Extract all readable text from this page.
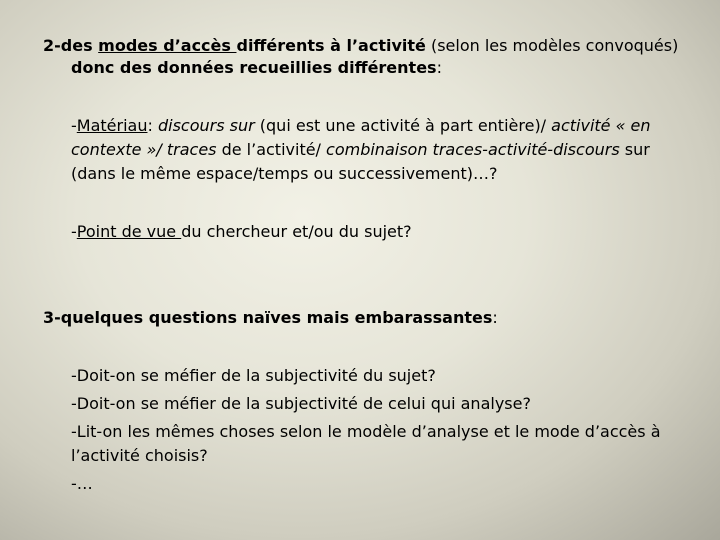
2-des modes d’accès différents à l’activité (selon les modèles convoqués)
donc des données recueillies différentes:
-Matériau: discours sur (qui est une activité à part entière)/ activité « en
contexte »/ traces de l’activité/ combinaison traces-activité-discours sur
(dans le même espace/temps ou successivement)…?
-Point de vue du chercheur et/ou du sujet?
3-quelques questions naïves mais embarassantes:
-Doit-on se méfier de la subjectivité du sujet?
-Doit-on se méfier de la subjectivité de celui qui analyse?
-Lit-on les mêmes choses selon le modèle d’analyse et le mode d’accès à
l’activité choisis?
-…
